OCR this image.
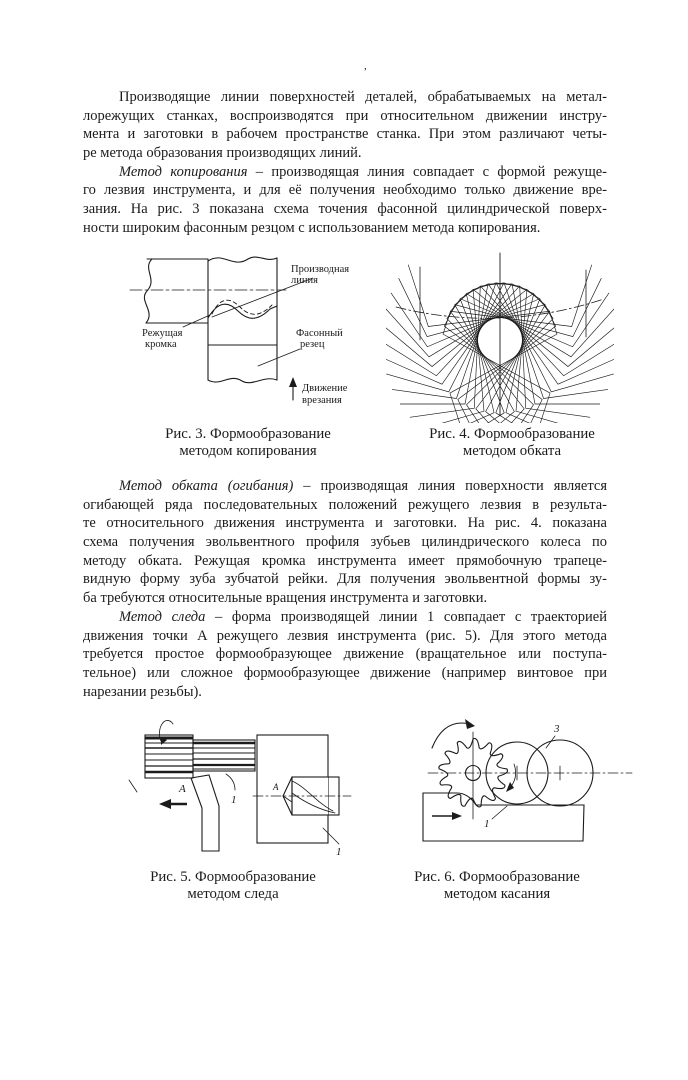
,
Производящие линии поверхностей деталей, обрабатываемых на метал-
лорежущих станках, воспроизводятся при относительном движении инстру-
мента и заготовки в рабочем пространстве станка. При этом различают четы-
ре метода образования производящих линий.
Метод копирования – производящая линия совпадает с формой режуще-
го лезвия инструмента, и для её получения необходимо только движение вре-
зания. На рис. 3 показана схема точения фасонной цилиндрической поверх-
ности широким фасонным резцом с использованием метода копирования.
Производная
линия
Режущая
кромка
Фасонный
резец
Движение
врезания
Рис. 3. Формообразование
методом копирования
Рис. 4. Формообразование
методом обката
Метод обката (огибания) – производящая линия поверхности является
огибающей ряда последовательных положений режущего лезвия в результа-
те относительного движения инструмента и заготовки. На рис. 4. показана
схема получения эвольвентного профиля зубьев цилиндрического колеса по
методу обката. Режущая кромка инструмента имеет прямобочную трапеце-
видную форму зуба зубчатой рейки. Для получения эвольвентной формы зу-
ба требуются относительные вращения инструмента и заготовки.
Метод следа – форма производящей линии 1 совпадает с траекторией
движения точки А режущего лезвия инструмента (рис. 5). Для этого метода
требуется простое формообразующее движение (вращательное или поступа-
тельное) или сложное формообразующее движение (например винтовое при
нарезании резьбы).
А
1
А
1
3
1
Рис. 5. Формообразование
методом следа
Рис. 6. Формообразование
методом касания
